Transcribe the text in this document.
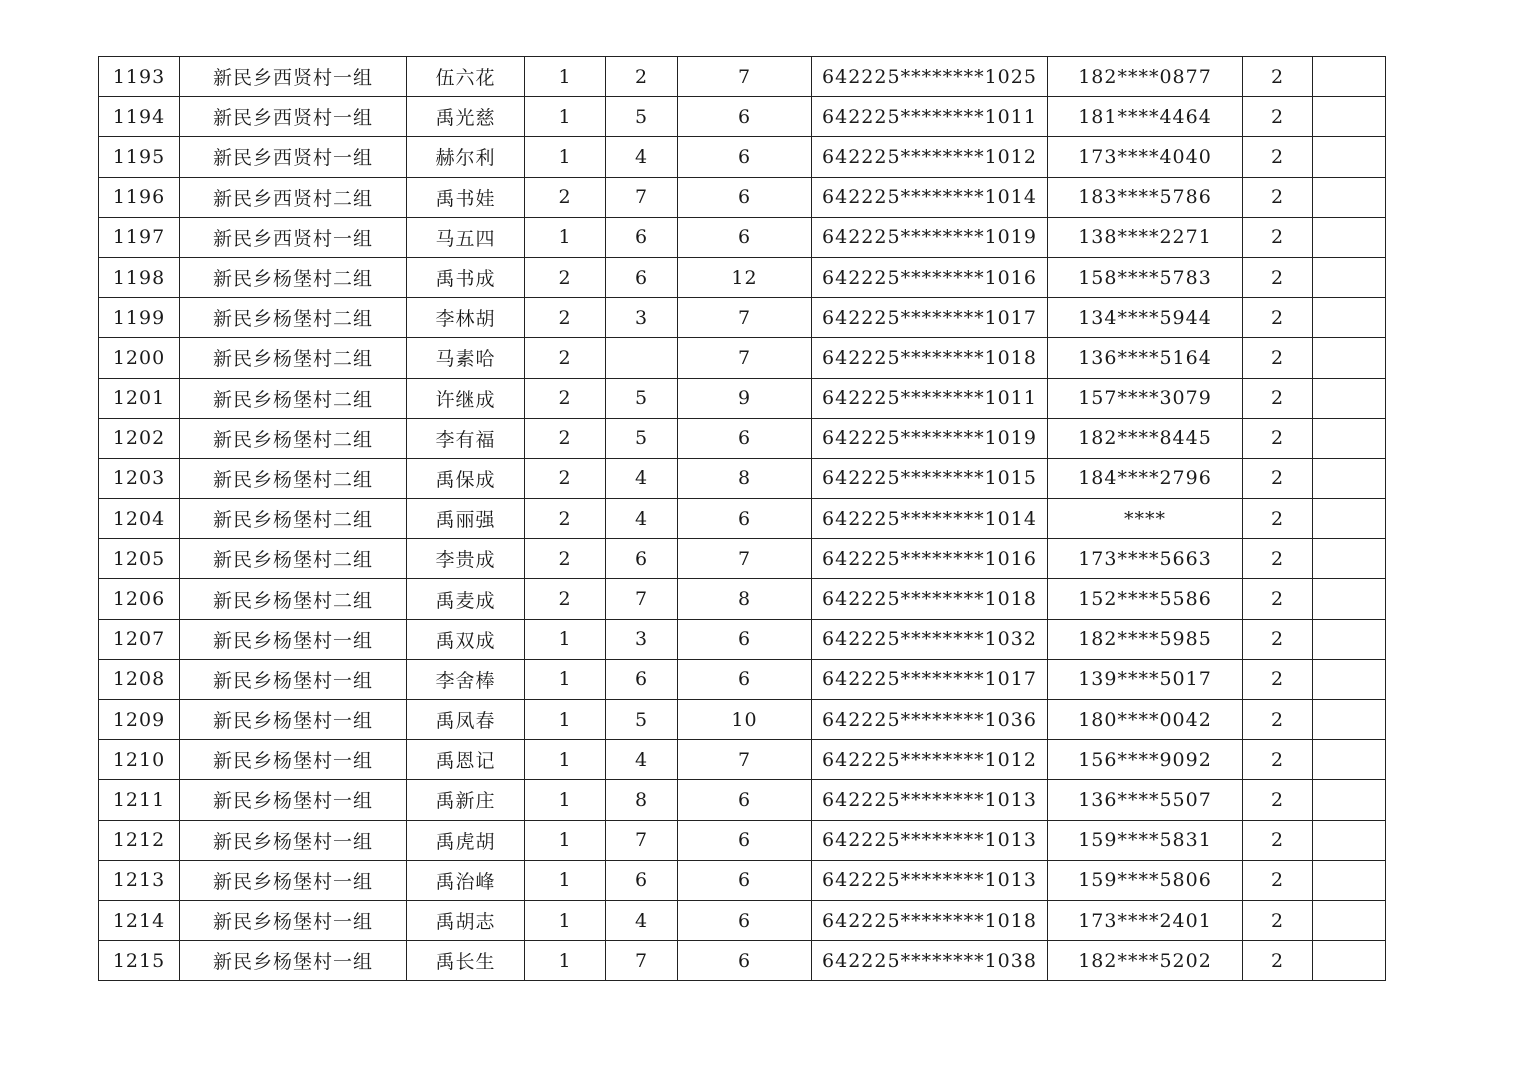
1193	新民乡西贤村一组	伍六花	1	2	7	642225********1025	182****0877	2	
1194	新民乡西贤村一组	禹光慈	1	5	6	642225********1011	181****4464	2	
1195	新民乡西贤村一组	赫尔利	1	4	6	642225********1012	173****4040	2	
1196	新民乡西贤村二组	禹书娃	2	7	6	642225********1014	183****5786	2	
1197	新民乡西贤村一组	马五四	1	6	6	642225********1019	138****2271	2	
1198	新民乡杨堡村二组	禹书成	2	6	12	642225********1016	158****5783	2	
1199	新民乡杨堡村二组	李林胡	2	3	7	642225********1017	134****5944	2	
1200	新民乡杨堡村二组	马素哈	2		7	642225********1018	136****5164	2	
1201	新民乡杨堡村二组	许继成	2	5	9	642225********1011	157****3079	2	
1202	新民乡杨堡村二组	李有福	2	5	6	642225********1019	182****8445	2	
1203	新民乡杨堡村二组	禹保成	2	4	8	642225********1015	184****2796	2	
1204	新民乡杨堡村二组	禹丽强	2	4	6	642225********1014	****	2	
1205	新民乡杨堡村二组	李贵成	2	6	7	642225********1016	173****5663	2	
1206	新民乡杨堡村二组	禹麦成	2	7	8	642225********1018	152****5586	2	
1207	新民乡杨堡村一组	禹双成	1	3	6	642225********1032	182****5985	2	
1208	新民乡杨堡村一组	李舍棒	1	6	6	642225********1017	139****5017	2	
1209	新民乡杨堡村一组	禹凤春	1	5	10	642225********1036	180****0042	2	
1210	新民乡杨堡村一组	禹恩记	1	4	7	642225********1012	156****9092	2	
1211	新民乡杨堡村一组	禹新庄	1	8	6	642225********1013	136****5507	2	
1212	新民乡杨堡村一组	禹虎胡	1	7	6	642225********1013	159****5831	2	
1213	新民乡杨堡村一组	禹治峰	1	6	6	642225********1013	159****5806	2	
1214	新民乡杨堡村一组	禹胡志	1	4	6	642225********1018	173****2401	2	
1215	新民乡杨堡村一组	禹长生	1	7	6	642225********1038	182****5202	2	
